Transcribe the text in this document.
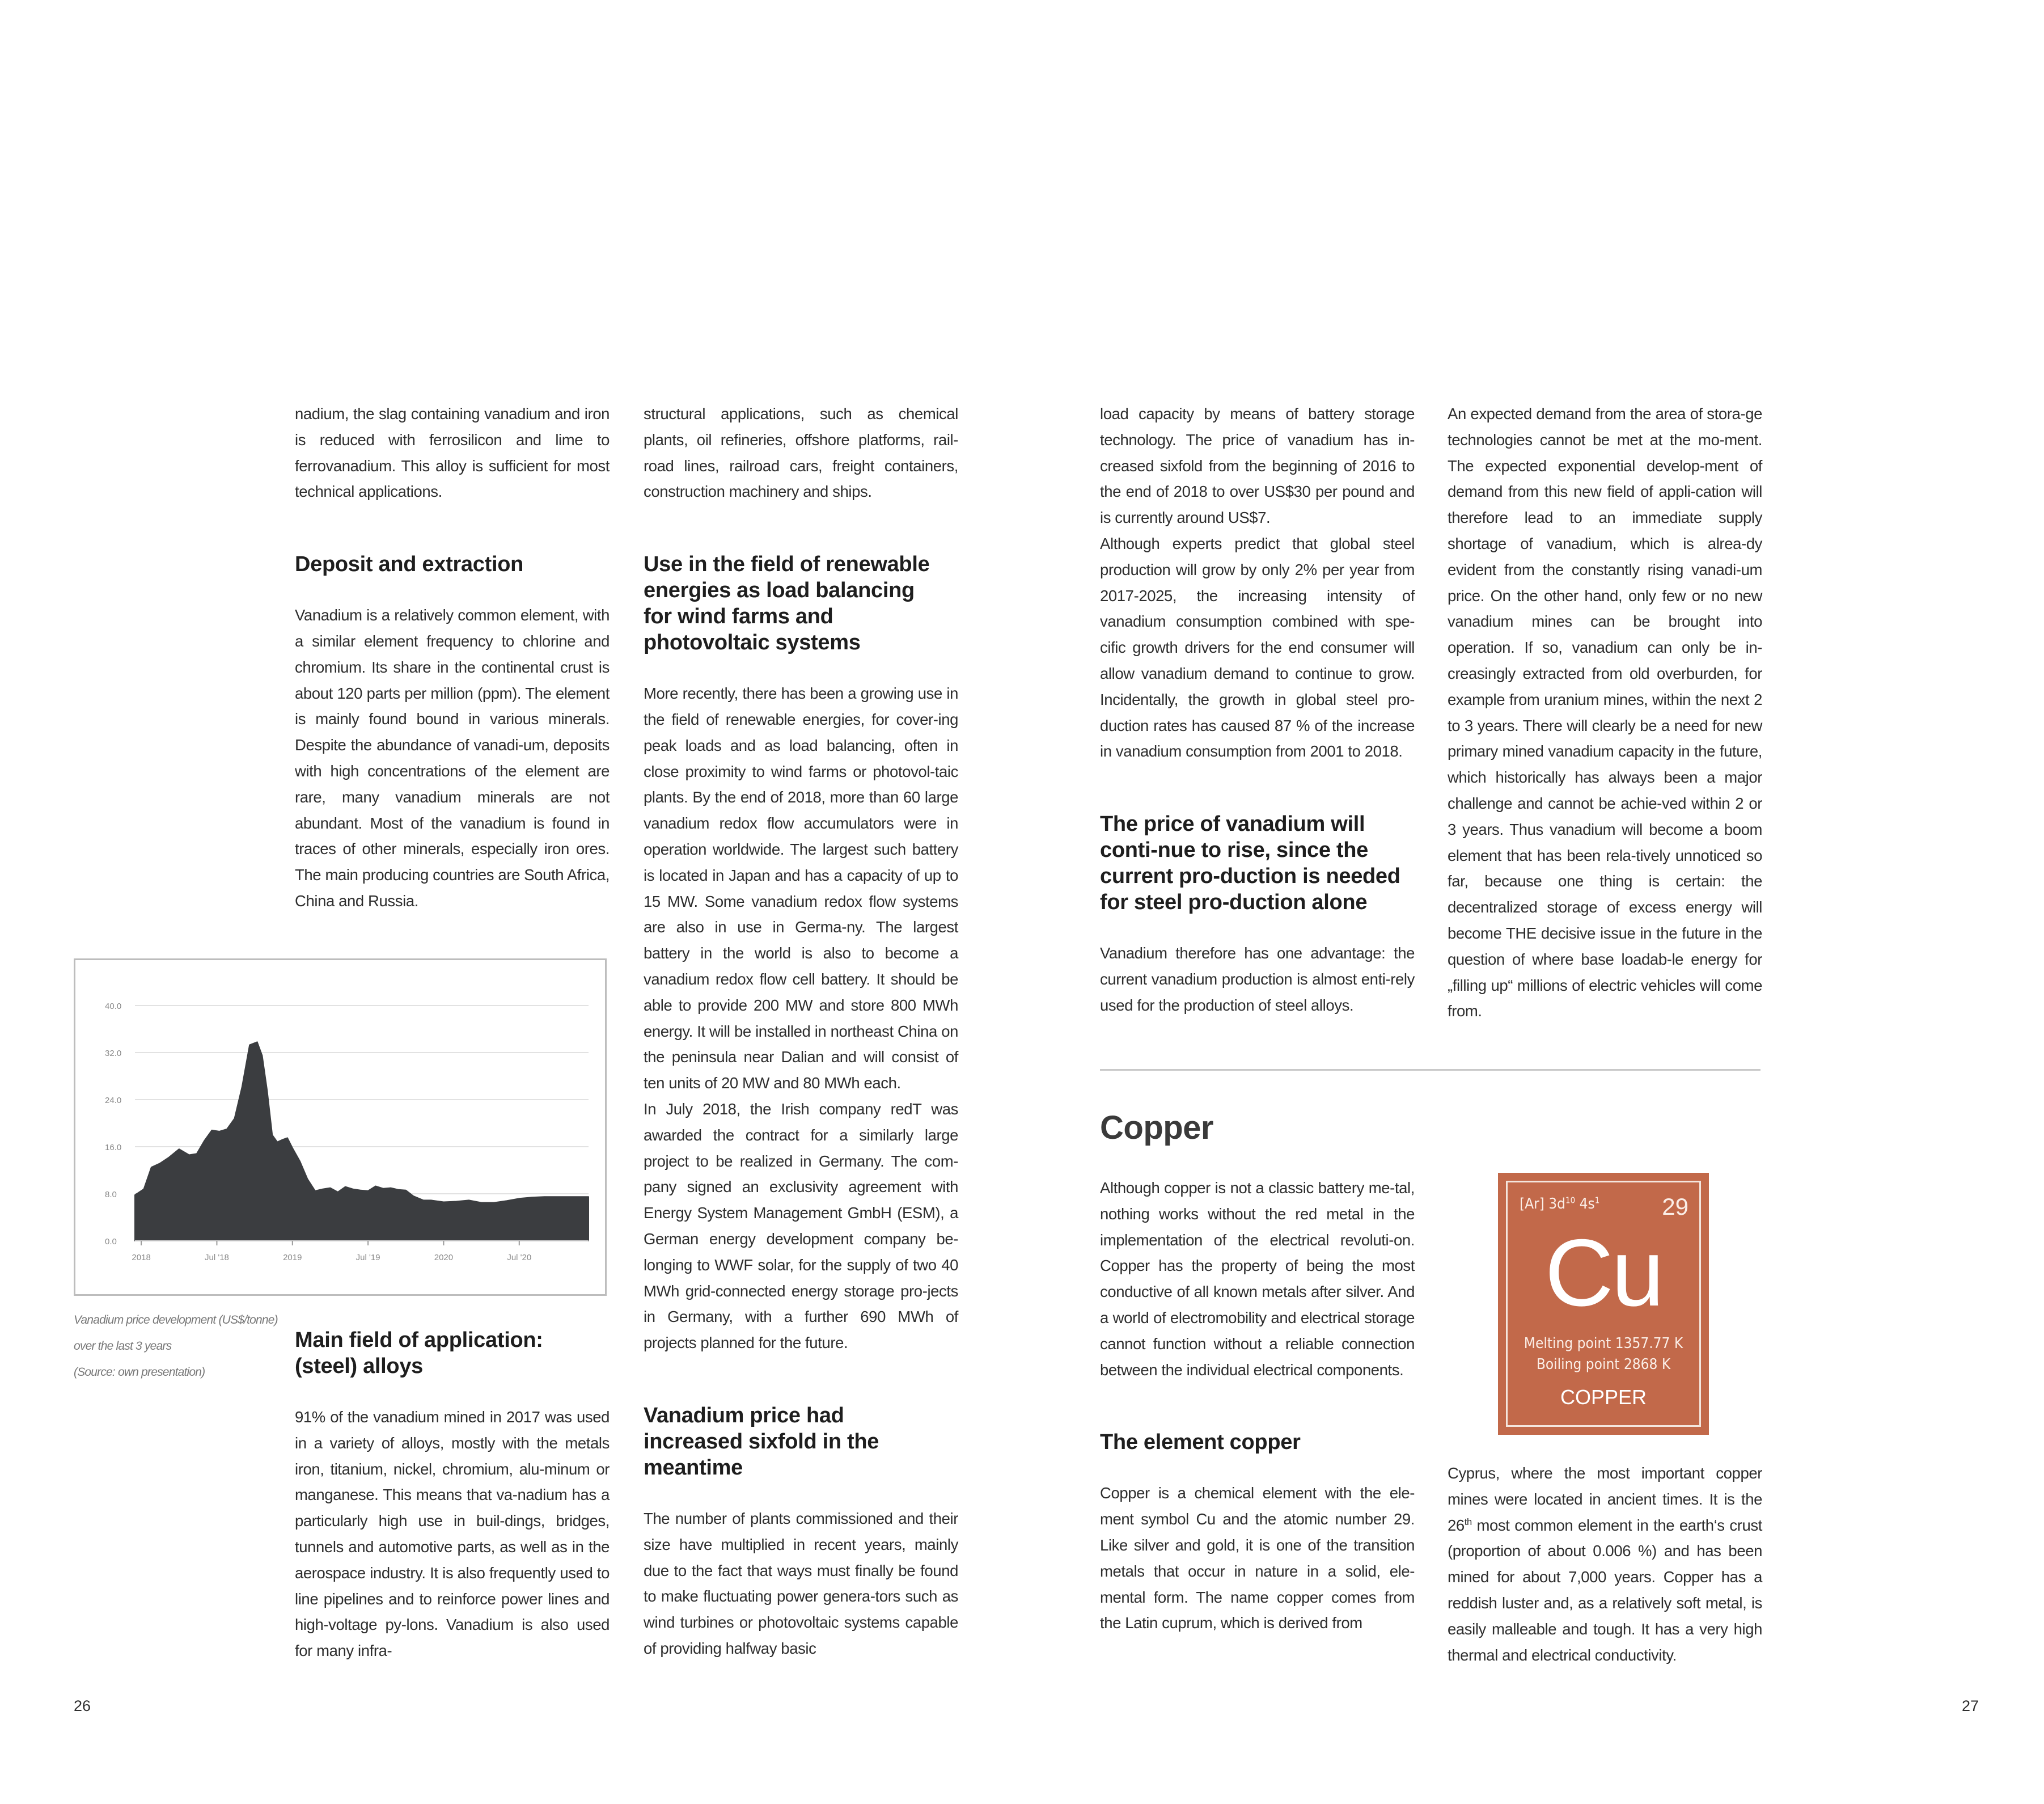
nadium, the slag containing vanadium and iron is reduced with ferrosilicon and lime to ferrovanadium. This alloy is sufficient for most technical applications.

Deposit and extraction

Vanadium is a relatively common element, with a similar element frequency to chlorine and chromium. Its share in the continental crust is about 120 parts per million (ppm). The element is mainly found bound in various minerals. Despite the abundance of vanadi-um, deposits with high concentrations of the element are rare, many vanadium minerals are not abundant. Most of the vanadium is found in traces of other minerals, especially iron ores. The main producing countries are South Africa, China and Russia.

Main field of application: (steel) alloys

91% of the vanadium mined in 2017 was used in a variety of alloys, mostly with the metals iron, titanium, nickel, chromium, alu-minum or manganese. This means that va-nadium has a particularly high use in buil-dings, bridges, tunnels and automotive parts, as well as in the aerospace industry. It is also frequently used to line pipelines and to reinforce power lines and high-voltage py-lons. Vanadium is also used for many infra-

structural applications, such as chemical plants, oil refineries, offshore platforms, rail-road lines, railroad cars, freight containers, construction machinery and ships.

Use in the field of renewable energies as load balancing for wind farms and photovoltaic systems

More recently, there has been a growing use in the field of renewable energies, for cover-ing peak loads and as load balancing, often in close proximity to wind farms or photovol-taic plants. By the end of 2018, more than 60 large vanadium redox flow accumulators were in operation worldwide. The largest such battery is located in Japan and has a capacity of up to 15 MW. Some vanadium redox flow systems are also in use in Germa-ny. The largest battery in the world is also to become a vanadium redox flow cell battery. It should be able to provide 200 MW and store 800 MWh energy. It will be installed in northeast China on the peninsula near Dalian and will consist of ten units of 20 MW and 80 MWh each.

In July 2018, the Irish company redT was awarded the contract for a similarly large project to be realized in Germany. The com-pany signed an exclusivity agreement with Energy System Management GmbH (ESM), a German energy development company be-longing to WWF solar, for the supply of two 40 MWh grid-connected energy storage pro-jects in Germany, with a further 690 MWh of projects planned for the future.

Vanadium price had increased sixfold in the meantime

The number of plants commissioned and their size have multiplied in recent years, mainly due to the fact that ways must finally be found to make fluctuating power genera-tors such as wind turbines or photovoltaic systems capable of providing halfway basic

0.0
8.0
16.0
24.0
32.0
40.0
2018	Jul '18	2019	Jul '19	2020	Jul '20
Vanadium price development (US$/tonne)
over the last 3 years
(Source: own presentation)
26

load capacity by means of battery storage technology. The price of vanadium has in-creased sixfold from the beginning of 2016 to the end of 2018 to over US$30 per pound and is currently around US$7.

Although experts predict that global steel production will grow by only 2% per year from 2017-2025, the increasing intensity of vanadium consumption combined with spe-cific growth drivers for the end consumer will allow vanadium demand to continue to grow. Incidentally, the growth in global steel pro-duction rates has caused 87 % of the increase in vanadium consumption from 2001 to 2018.

The price of vanadium will conti-nue to rise, since the current pro-duction is needed for steel pro-duction alone

Vanadium therefore has one advantage: the current vanadium production is almost enti-rely used for the production of steel alloys.

An expected demand from the area of stora-ge technologies cannot be met at the mo-ment. The expected exponential develop-ment of demand from this new field of appli-cation will therefore lead to an immediate supply shortage of vanadium, which is alrea-dy evident from the constantly rising vanadi-um price. On the other hand, only few or no new vanadium mines can be brought into operation. If so, vanadium can only be in-creasingly extracted from old overburden, for example from uranium mines, within the next 2 to 3 years. There will clearly be a need for new primary mined vanadium capacity in the future, which historically has always been a major challenge and cannot be achie-ved within 2 or 3 years. Thus vanadium will become a boom element that has been rela-tively unnoticed so far, because one thing is certain: the decentralized storage of excess energy will become THE decisive issue in the future in the question of where base loadab-le energy for „filling up“ millions of electric vehicles will come from.

Copper

Although copper is not a classic battery me-tal, nothing works without the red metal in the implementation of the electrical revoluti-on. Copper has the property of being the most conductive of all known metals after silver. And a world of electromobility and electrical storage cannot function without a reliable connection between the individual electrical components.

The element copper

Copper is a chemical element with the ele-ment symbol Cu and the atomic number 29. Like silver and gold, it is one of the transition metals that occur in nature in a solid, ele-mental form. The name copper comes from the Latin cuprum, which is derived from

Cyprus, where the most important copper mines were located in ancient times. It is the 26th most common element in the earth‘s crust (proportion of about 0.006 %) and has been mined for about 7,000 years. Copper has a reddish luster and, as a relatively soft metal, is easily malleable and tough. It has a very high thermal and electrical conductivity.

[Ar] $3d^{10}$ $4s^1$	29
Cu
Melting point 1357.77 K
Boiling point 2868 K
COPPER
27
